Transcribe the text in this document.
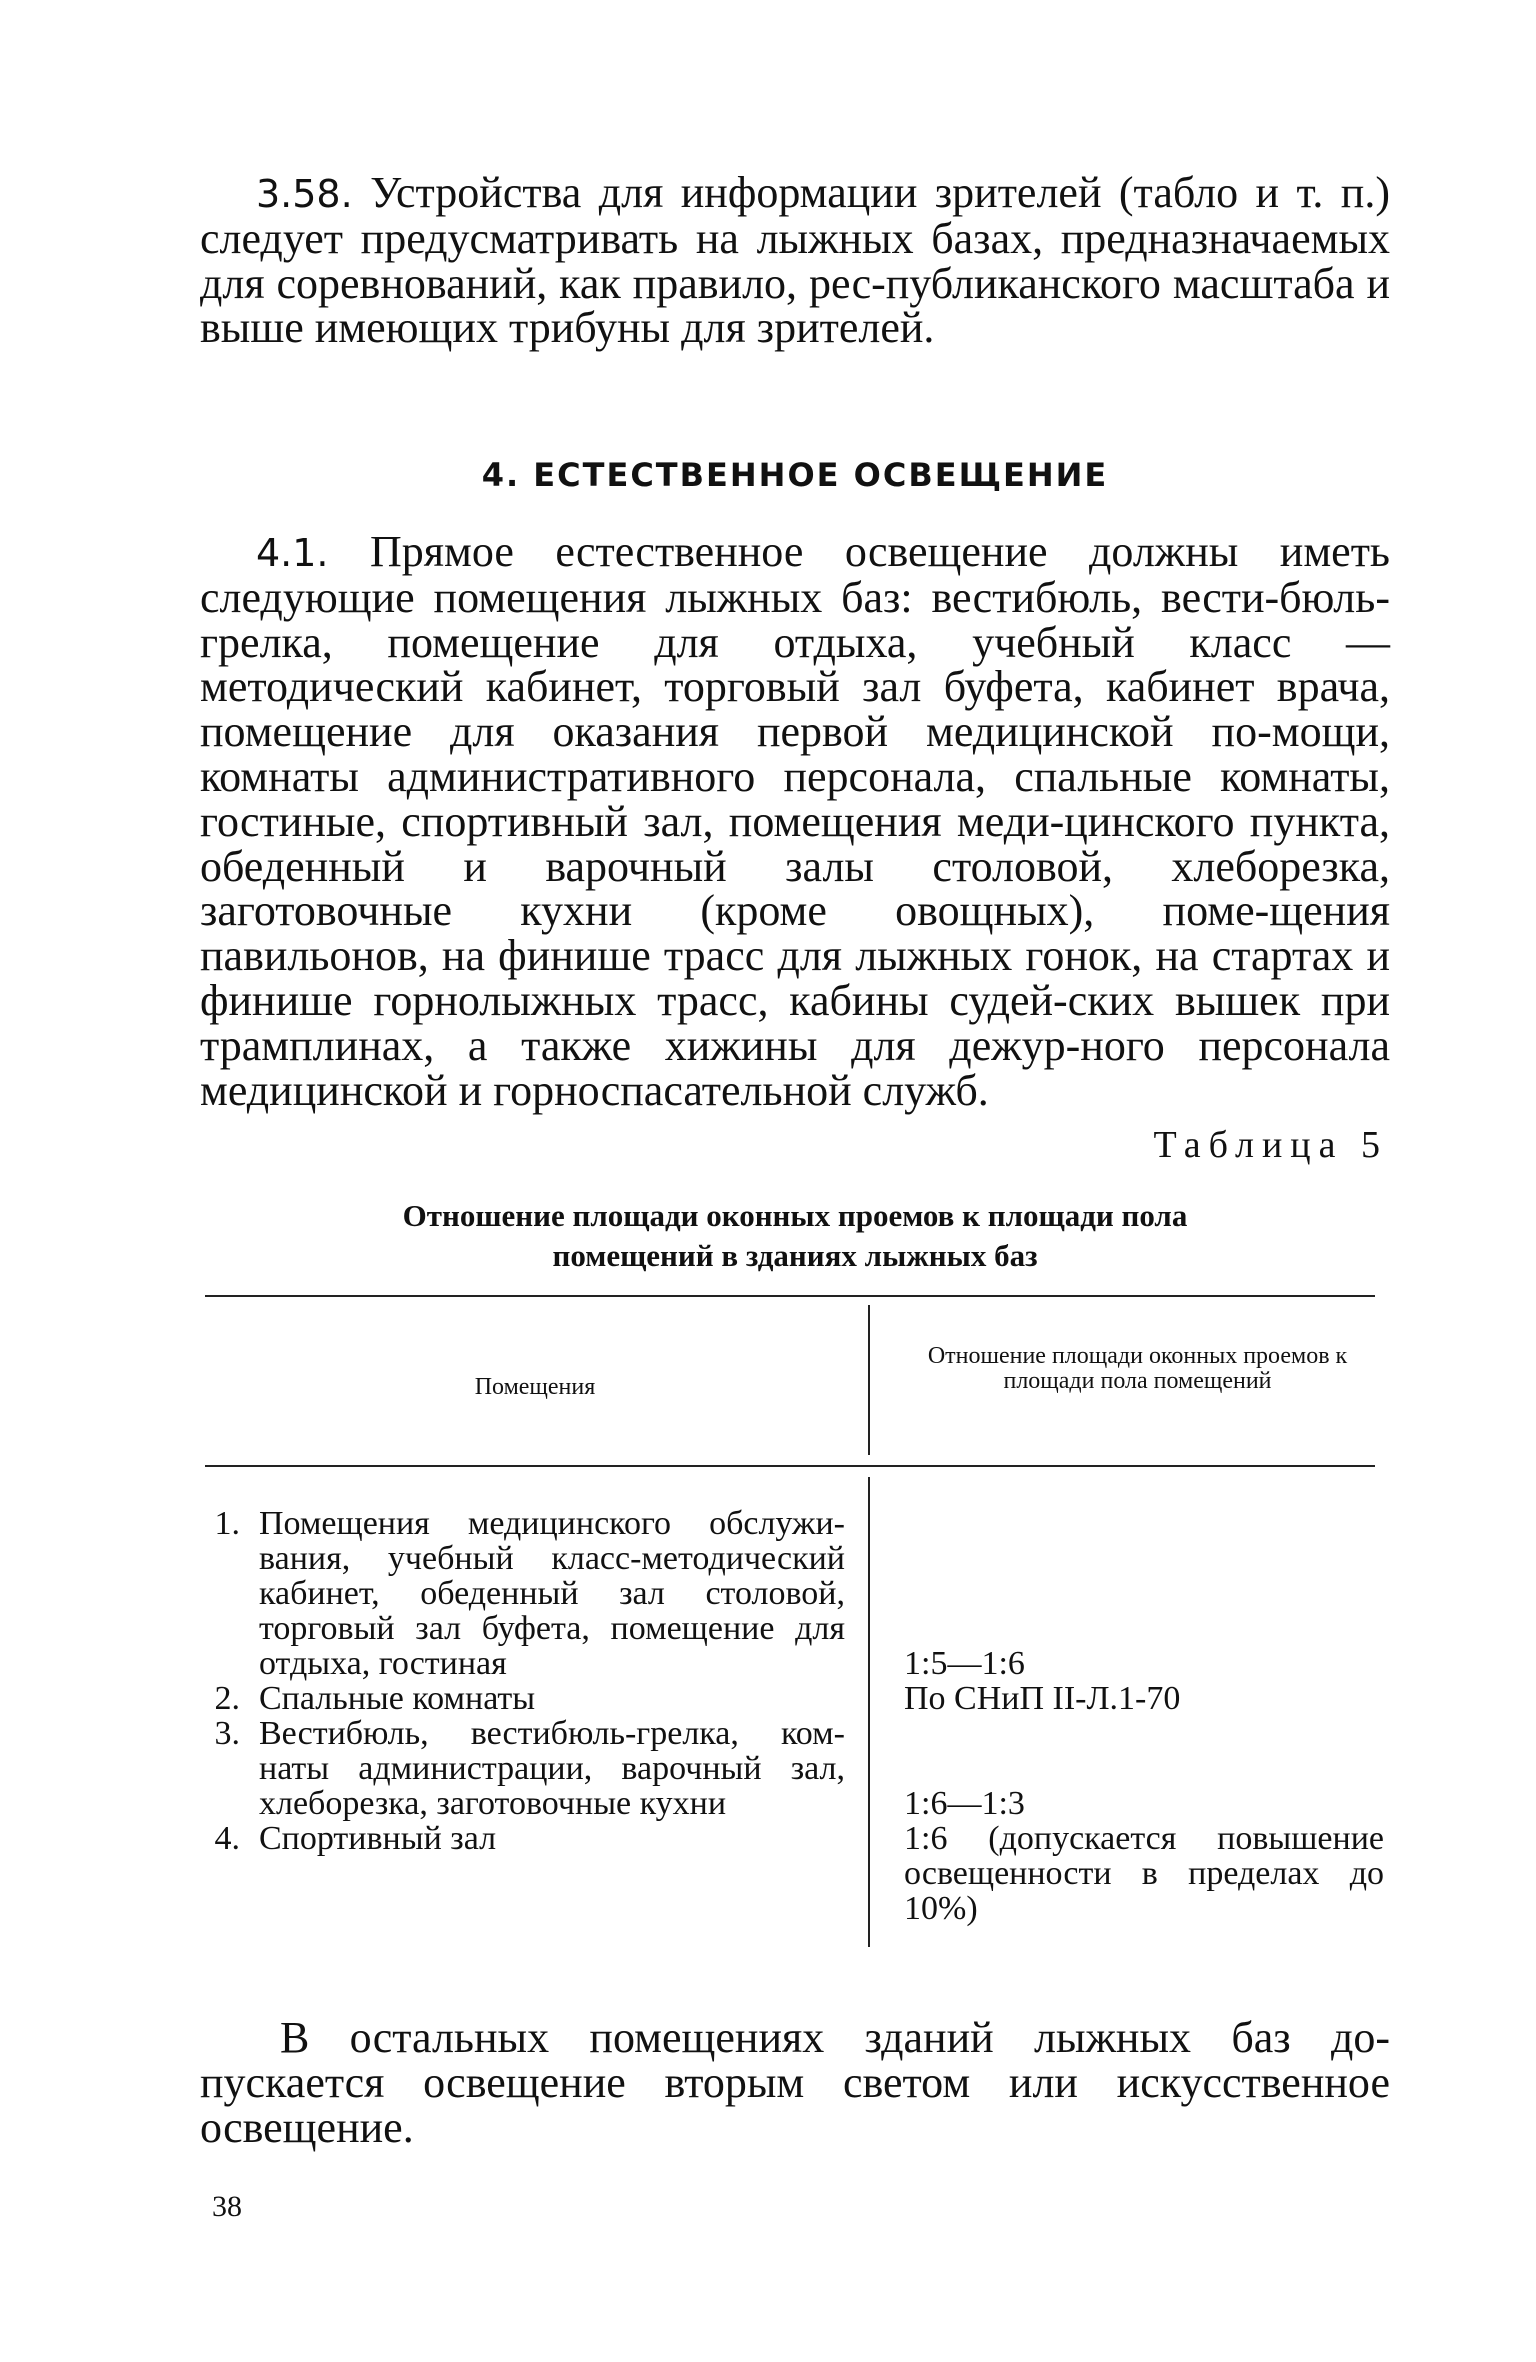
3.58. Устройства для информации зрителей (табло и т. п.) следует предусматривать на лыжных базах, предназначаемых для соревнований, как правило, рес-публиканского масштаба и выше имеющих трибуны для зрителей.

4. ЕСТЕСТВЕННОЕ ОСВЕЩЕНИЕ

4.1. Прямое естественное освещение должны иметь следующие помещения лыжных баз: вестибюль, вести-бюль-грелка, помещение для отдыха, учебный класс — методический кабинет, торговый зал буфета, кабинет врача, помещение для оказания первой медицинской по-мощи, комнаты административного персонала, спальные комнаты, гостиные, спортивный зал, помещения меди-цинского пункта, обеденный и варочный залы столовой, хлеборезка, заготовочные кухни (кроме овощных), поме-щения павильонов, на финише трасс для лыжных гонок, на стартах и финише горнолыжных трасс, кабины судей-ских вышек при трамплинах, а также хижины для дежур-ного персонала медицинской и горноспасательной служб.

Таблица 5

Отношение площади оконных проемов к площади пола
помещений в зданиях лыжных баз

Помещения

Отношение площади оконных проемов к площади пола помещений

1. Помещения медицинского обслужи-вания, учебный класс-методический кабинет, обеденный зал столовой, торговый зал буфета, помещение для отдыха, гостиная	1:5—1:6

2. Спальные комнаты	По СНиП II-Л.1-70

3. Вестибюль, вестибюль-грелка, ком-наты администрации, варочный зал, хлеборезка, заготовочные кухни	1:6—1:3

4. Спортивный зал	1:6 (допускается повышение освещенности в пределах до 10%)

В остальных помещениях зданий лыжных баз до-пускается освещение вторым светом или искусственное освещение.

38
